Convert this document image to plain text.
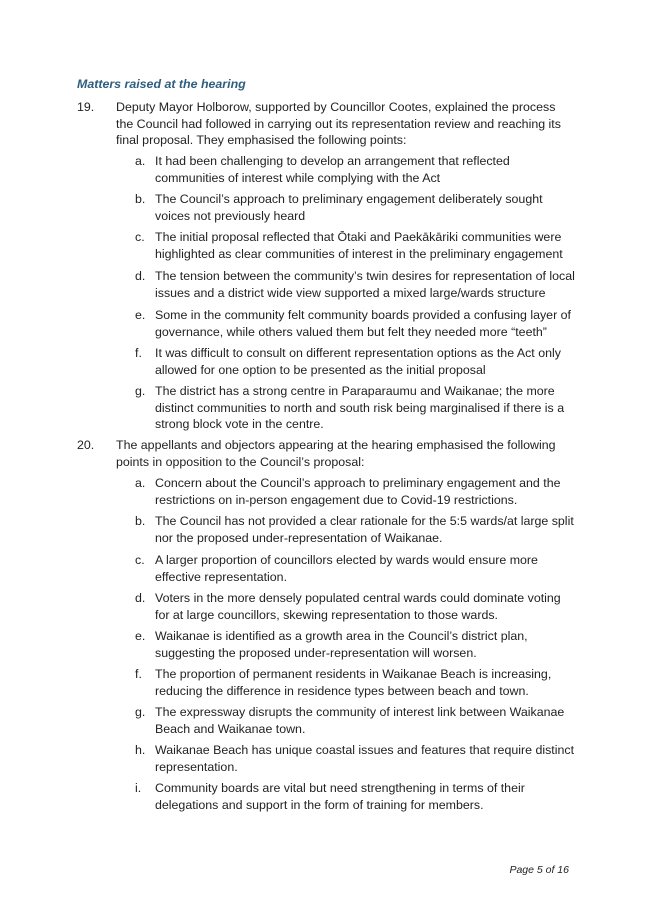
Matters raised at the hearing
19. Deputy Mayor Holborow, supported by Councillor Cootes, explained the process the Council had followed in carrying out its representation review and reaching its final proposal. They emphasised the following points:
a. It had been challenging to develop an arrangement that reflected communities of interest while complying with the Act
b. The Council’s approach to preliminary engagement deliberately sought voices not previously heard
c. The initial proposal reflected that Ōtaki and Paekākāriki communities were highlighted as clear communities of interest in the preliminary engagement
d. The tension between the community’s twin desires for representation of local issues and a district wide view supported a mixed large/wards structure
e. Some in the community felt community boards provided a confusing layer of governance, while others valued them but felt they needed more “teeth”
f. It was difficult to consult on different representation options as the Act only allowed for one option to be presented as the initial proposal
g. The district has a strong centre in Paraparaumu and Waikanae; the more distinct communities to north and south risk being marginalised if there is a strong block vote in the centre.
20. The appellants and objectors appearing at the hearing emphasised the following points in opposition to the Council’s proposal:
a. Concern about the Council’s approach to preliminary engagement and the restrictions on in-person engagement due to Covid-19 restrictions.
b. The Council has not provided a clear rationale for the 5:5 wards/at large split nor the proposed under-representation of Waikanae.
c. A larger proportion of councillors elected by wards would ensure more effective representation.
d. Voters in the more densely populated central wards could dominate voting for at large councillors, skewing representation to those wards.
e. Waikanae is identified as a growth area in the Council’s district plan, suggesting the proposed under-representation will worsen.
f. The proportion of permanent residents in Waikanae Beach is increasing, reducing the difference in residence types between beach and town.
g. The expressway disrupts the community of interest link between Waikanae Beach and Waikanae town.
h. Waikanae Beach has unique coastal issues and features that require distinct representation.
i. Community boards are vital but need strengthening in terms of their delegations and support in the form of training for members.
Page 5 of 16
